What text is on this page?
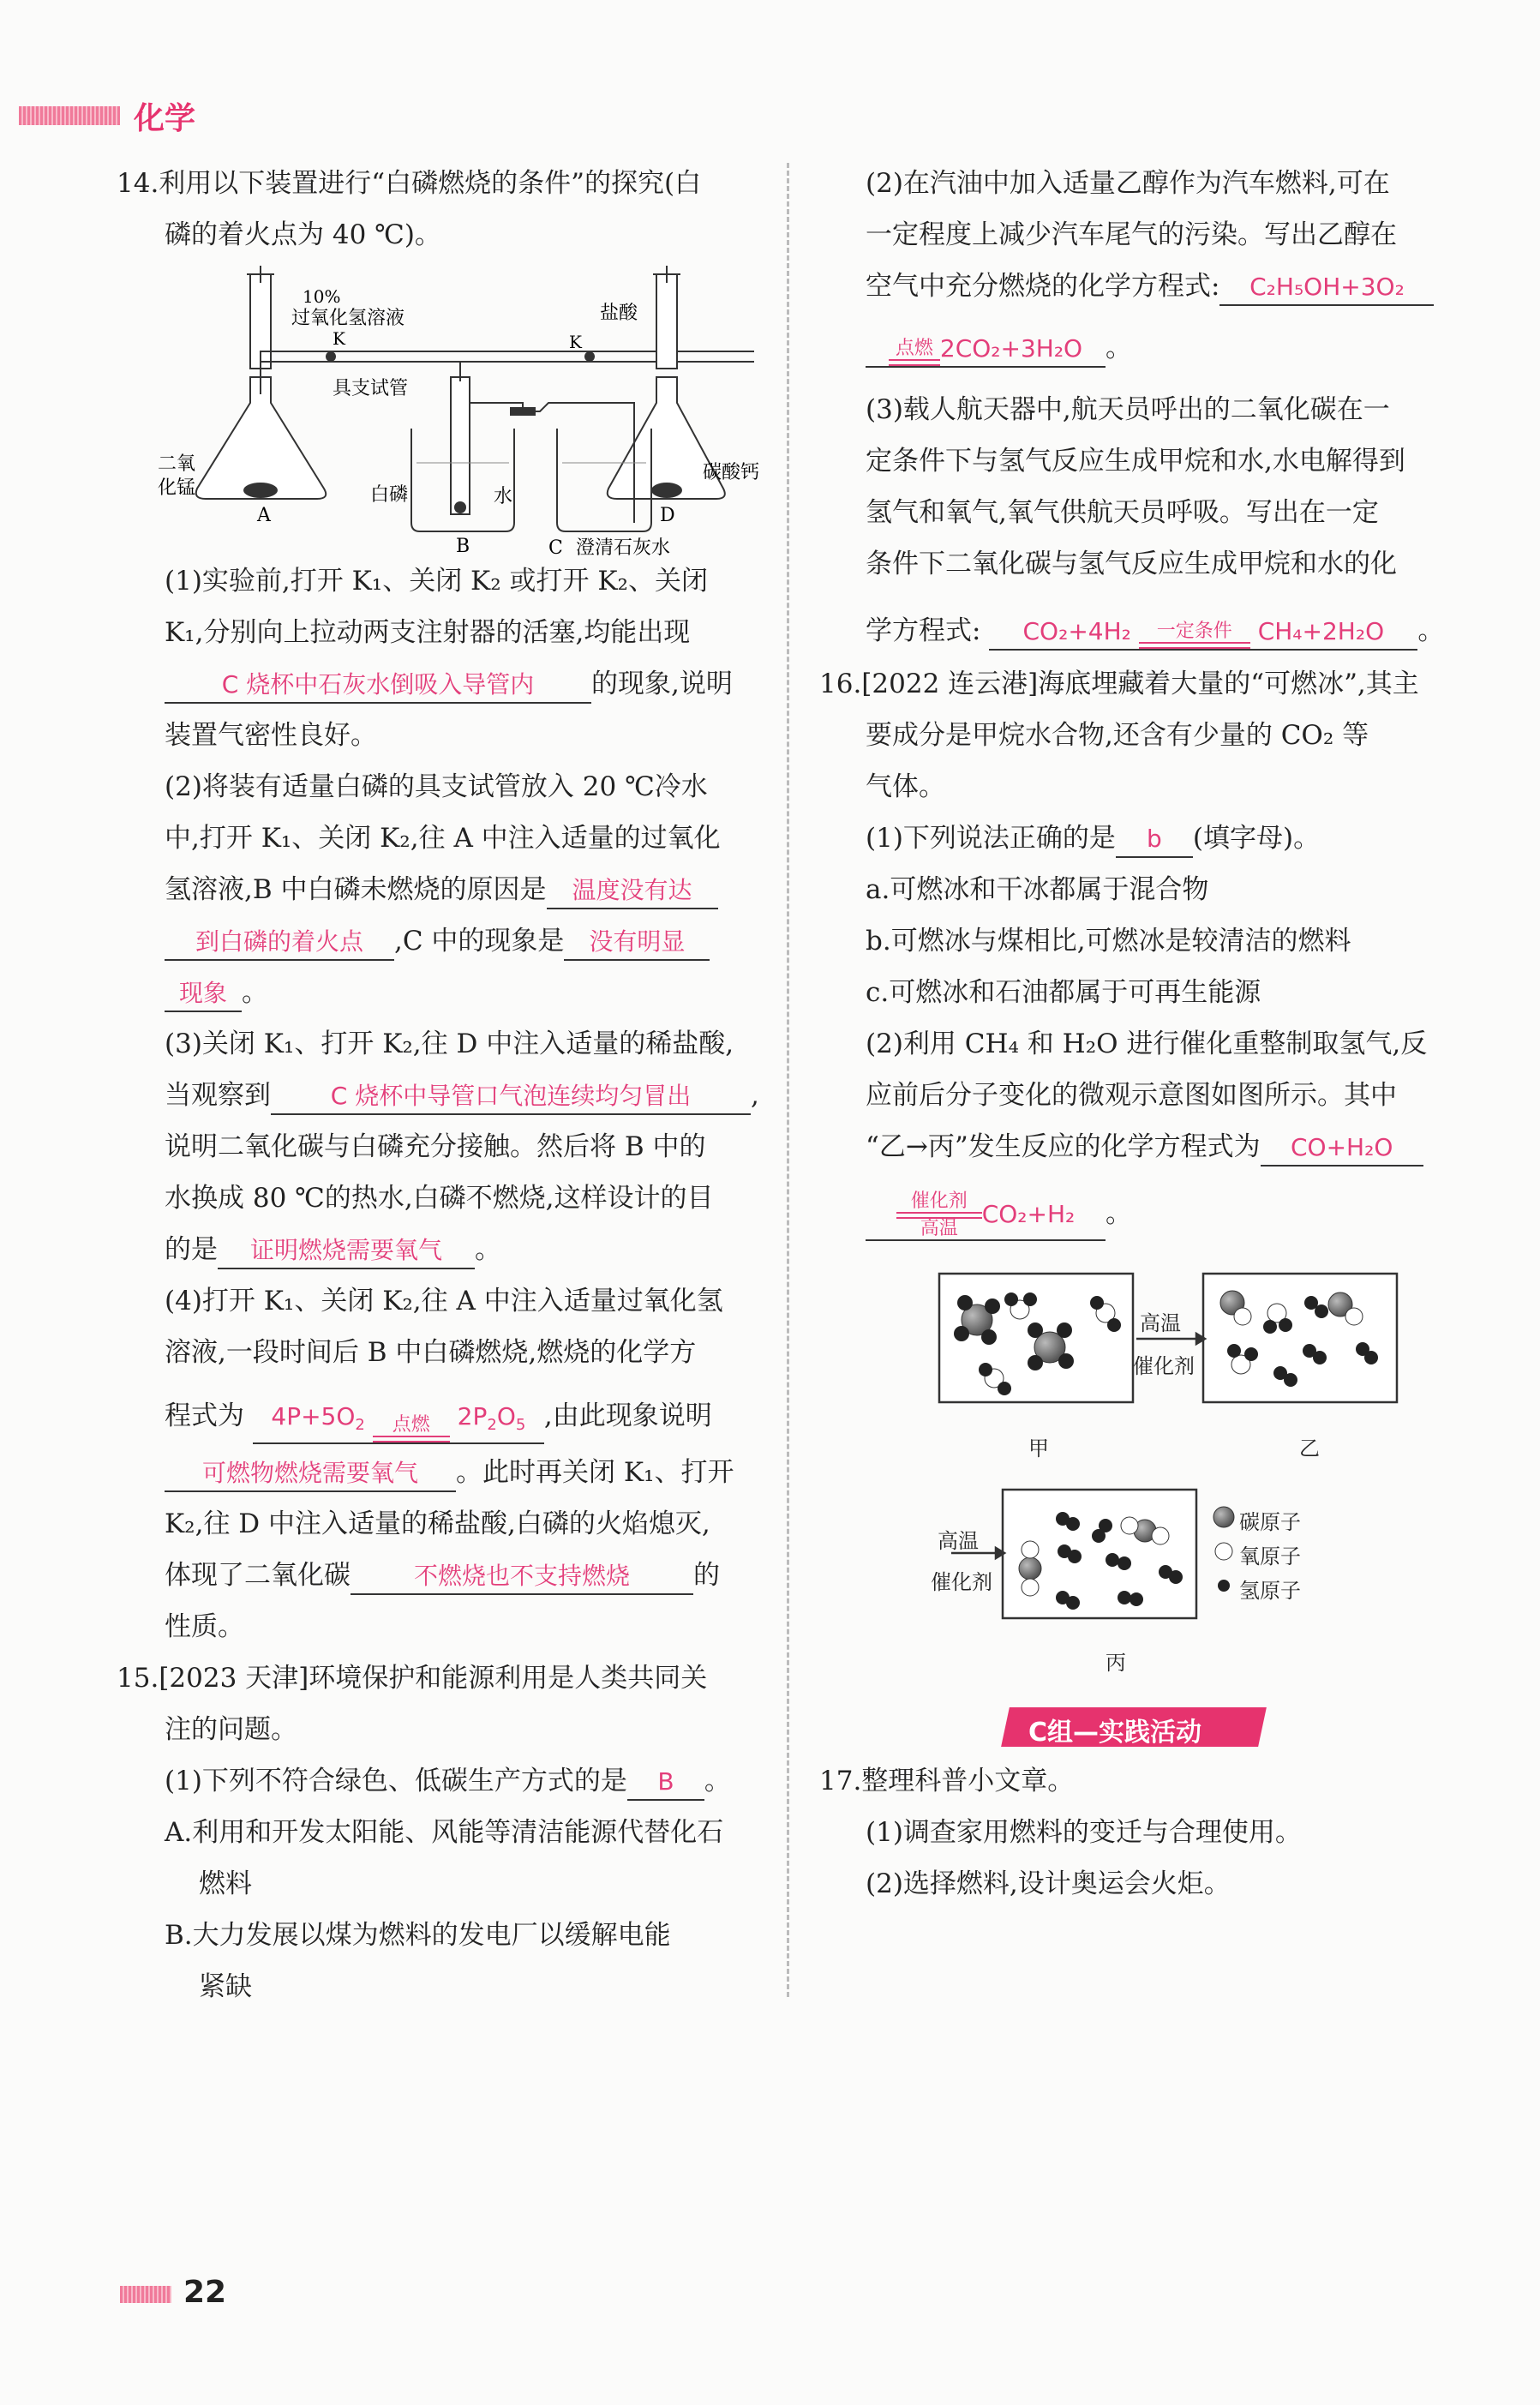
化学
14.利用以下装置进行“白磷燃烧的条件”的探究(白
磷的着火点为 40 ℃)。
10%
过氧化氢溶液
K
盐酸
K
具支试管
二氧
化锰
A
白磷	水
B	C 澄清石灰水
D
碳酸钙
(1)实验前,打开 K₁、关闭 K₂ 或打开 K₂、关闭
K₁,分别向上拉动两支注射器的活塞,均能出现
C 烧杯中石灰水倒吸入导管内 的现象,说明
装置气密性良好。
(2)将装有适量白磷的具支试管放入 20 ℃冷水
中,打开 K₁、关闭 K₂,往 A 中注入适量的过氧化
氢溶液,B 中白磷未燃烧的原因是 温度没有达
到白磷的着火点 ,C 中的现象是 没有明显
现象 。
(3)关闭 K₁、打开 K₂,往 D 中注入适量的稀盐酸,
当观察到 C 烧杯中导管口气泡连续均匀冒出 ,
说明二氧化碳与白磷充分接触。然后将 B 中的
水换成 80 ℃的热水,白磷不燃烧,这样设计的目
的是 证明燃烧需要氧气 。
(4)打开 K₁、关闭 K₂,往 A 中注入适量过氧化氢
溶液,一段时间后 B 中白磷燃烧,燃烧的化学方
程式为 $4P+5O_2$	点燃	$2P_2O_5$ ,由此现象说明
可燃物燃烧需要氧气 。此时再关闭 K₁、打开
K₂,往 D 中注入适量的稀盐酸,白磷的火焰熄灭,
体现了二氧化碳	不燃烧也不支持燃烧 的
性质。
15.[2023 天津]环境保护和能源利用是人类共同关
注的问题。
(1)下列不符合绿色、低碳生产方式的是 B 。
A.利用和开发太阳能、风能等清洁能源代替化石
燃料
B.大力发展以煤为燃料的发电厂以缓解电能
紧缺
(2)在汽油中加入适量乙醇作为汽车燃料,可在
一定程度上减少汽车尾气的污染。写出乙醇在
空气中充分燃烧的化学方程式: C₂H₅OH+3O₂
点燃 2CO₂+3H₂O 。
(3)载人航天器中,航天员呼出的二氧化碳在一
定条件下与氢气反应生成甲烷和水,水电解得到
氢气和氧气,氧气供航天员呼吸。写出在一定
条件下二氧化碳与氢气反应生成甲烷和水的化
学方程式: CO₂+4H₂	一定条件	CH₄+2H₂O 。
16.[2022 连云港]海底埋藏着大量的“可燃冰”,其主
要成分是甲烷水合物,还含有少量的 CO₂ 等
气体。
(1)下列说法正确的是 b (填字母)。
a.可燃冰和干冰都属于混合物
b.可燃冰与煤相比,可燃冰是较清洁的燃料
c.可燃冰和石油都属于可再生能源
(2)利用 CH₄ 和 H₂O 进行催化重整制取氢气,反
应前后分子变化的微观示意图如图所示。其中
“乙→丙”发生反应的化学方程式为 CO+H₂O
催化剂
高温
CO₂+H₂ 。
高温
催化剂
高温
催化剂
甲	乙
丙
碳原子
氧原子
氢原子
C组—实践活动
17.整理科普小文章。
(1)调查家用燃料的变迁与合理使用。
(2)选择燃料,设计奥运会火炬。
22
